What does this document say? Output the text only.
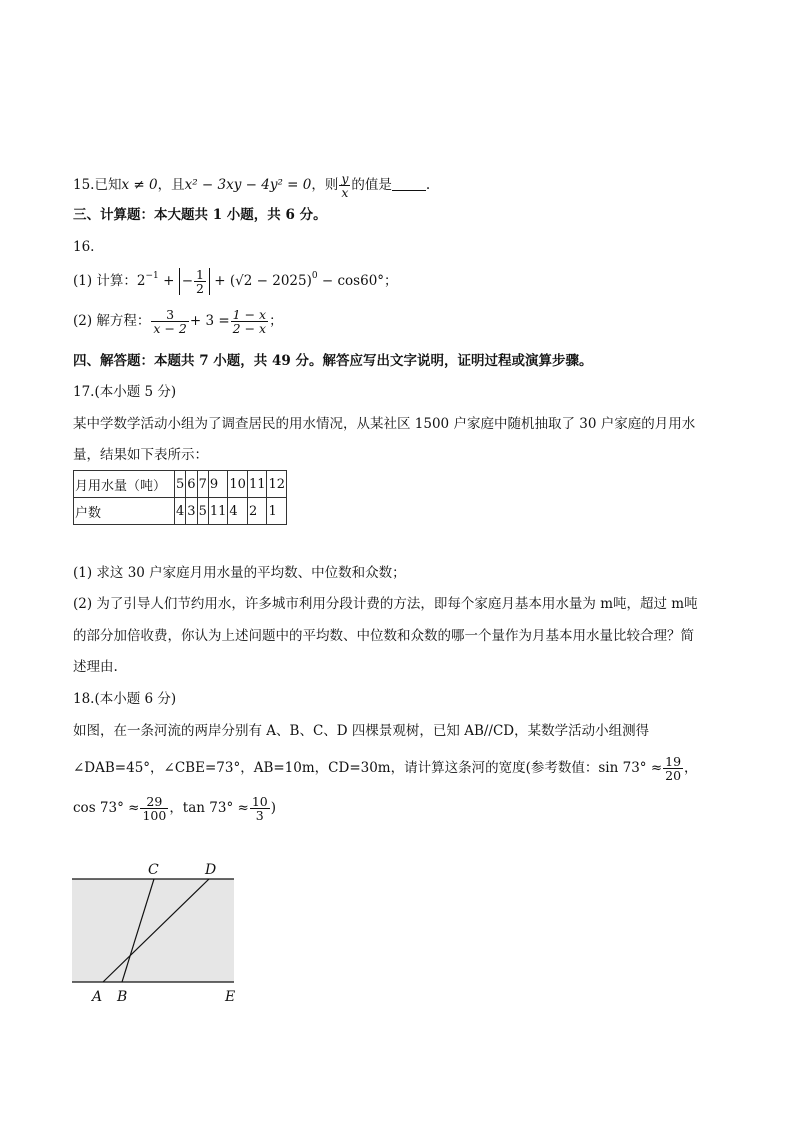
15.已知x ≠ 0，且x² − 3xy − 4y² = 0，则 $\frac{y}{x}$ 的值是	.
三、计算题：本大题共 1 小题，共 6 分。
16.
(1) 计算：$2^{-1}$ + − $\frac{1}{2} + (√2 - 2025)^0 - \cos 60^\circ$；
(2) 解方程： $\frac{3}{x - 2} + 3 = \frac{1 - x}{2 - x}$ ；
四、解答题：本题共 7 小题，共 49 分。解答应写出文字说明，证明过程或演算步骤。
17.(本小题 5 分)
某中学数学活动小组为了调查居民的用水情况，从某社区 1500 户家庭中随机抽取了 30 户家庭的月用水
量，结果如下表所示：
月用水量（吨）	5	6	7	9	10	11	12
户数	4	3	5	11	4	2	1
(1) 求这 30 户家庭月用水量的平均数、中位数和众数；
(2) 为了引导人们节约用水，许多城市利用分段计费的方法，即每个家庭月基本用水量为 m吨，超过 m吨
的部分加倍收费，你认为上述问题中的平均数、中位数和众数的哪一个量作为月基本用水量比较合理？简
述理由.
18.(本小题 6 分)
如图，在一条河流的两岸分别有 A、B、C、D 四棵景观树，已知 AB//CD，某数学活动小组测得
∠DAB=45°，∠CBE=73°，AB=10m，CD=30m，请计算这条河的宽度(参考数值：$\sin 73^\circ \approx \frac{19}{20}$ ，
$\cos 73^\circ \approx \frac{29}{100}$ ，$\tan 73^\circ \approx \frac{10}{3}$ )
C	D
A B	E
